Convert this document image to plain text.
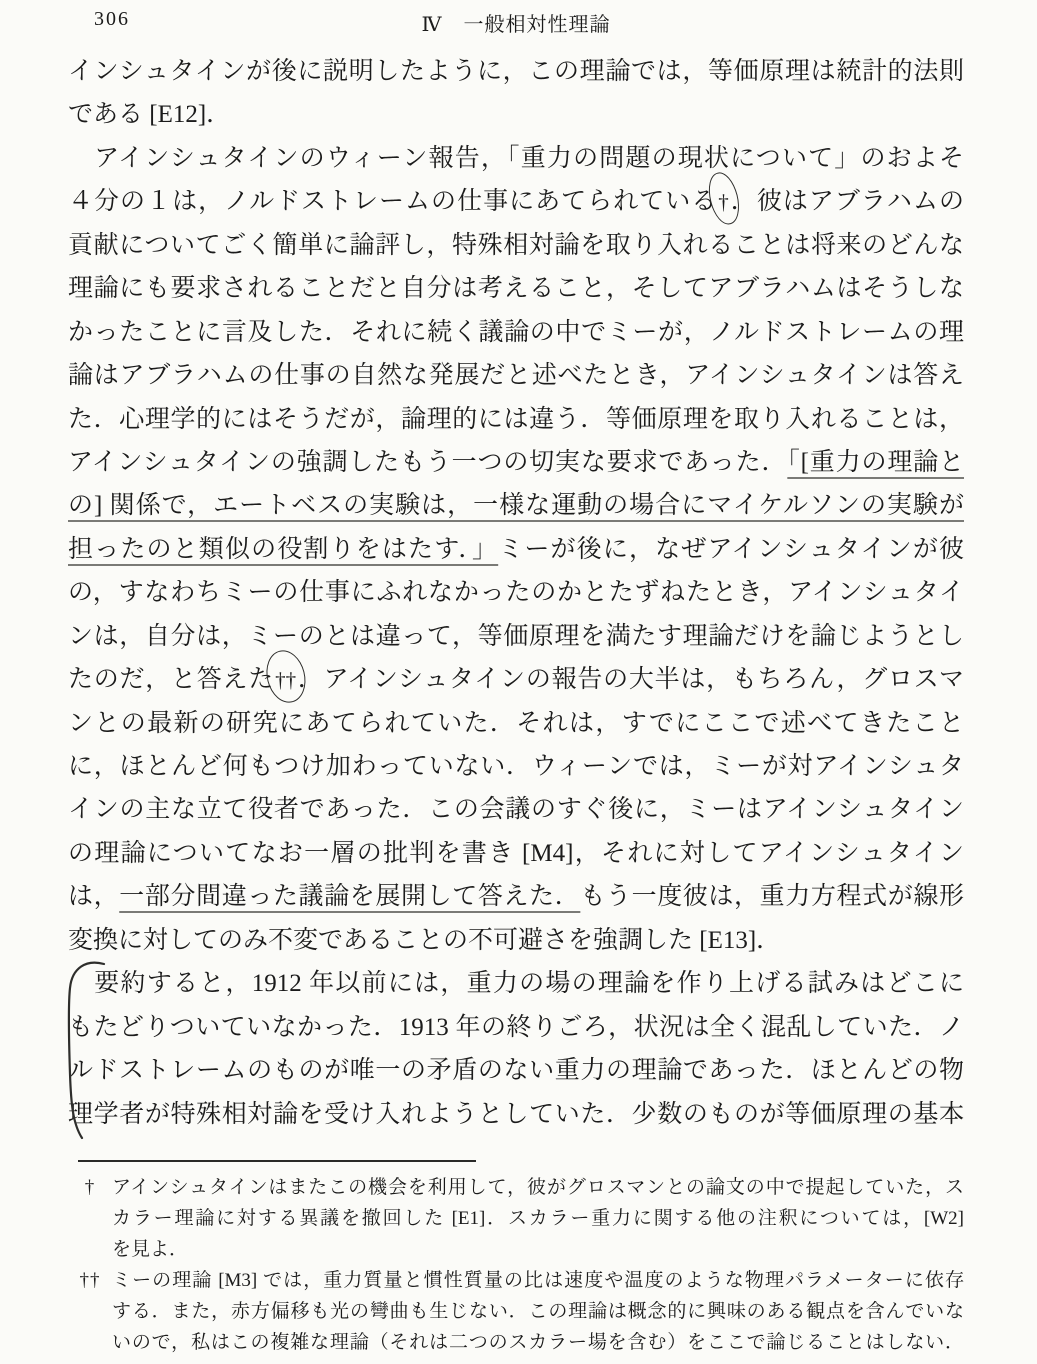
306	Ⅳ　一般相対性理論
インシュタインが後に説明したように，この理論では，等価原理は統計的法則
である [E12]．
　アインシュタインのウィーン報告，「重力の問題の現状について」のおよそ
４分の１は，ノルドストレームの仕事にあてられている†．彼はアブラハムの
貢献についてごく簡単に論評し，特殊相対論を取り入れることは将来のどんな
理論にも要求されることだと自分は考えること，そしてアブラハムはそうしな
かったことに言及した．それに続く議論の中でミーが，ノルドストレームの理
論はアブラハムの仕事の自然な発展だと述べたとき，アインシュタインは答え
た．心理学的にはそうだが，論理的には違う．等価原理を取り入れることは，
アインシュタインの強調したもう一つの切実な要求であった．「[重力の理論と
の] 関係で，エートベスの実験は，一様な運動の場合にマイケルソンの実験が
担ったのと類似の役割りをはたす．」ミーが後に，なぜアインシュタインが彼
の，すなわちミーの仕事にふれなかったのかとたずねたとき，アインシュタイ
ンは，自分は，ミーのとは違って，等価原理を満たす理論だけを論じようとし
たのだ，と答えた††．アインシュタインの報告の大半は，もちろん，グロスマ
ンとの最新の研究にあてられていた．それは，すでにここで述べてきたこと
に，ほとんど何もつけ加わっていない．ウィーンでは，ミーが対アインシュタ
インの主な立て役者であった．この会議のすぐ後に，ミーはアインシュタイン
の理論についてなお一層の批判を書き [M4]，それに対してアインシュタイン
は，一部分間違った議論を展開して答えた．もう一度彼は，重力方程式が線形
変換に対してのみ不変であることの不可避さを強調した [E13]．
　要約すると，1912 年以前には，重力の場の理論を作り上げる試みはどこに
もたどりついていなかった．1913 年の終りごろ，状況は全く混乱していた．ノ
ルドストレームのものが唯一の矛盾のない重力の理論であった．ほとんどの物
理学者が特殊相対論を受け入れようとしていた．少数のものが等価原理の基本
† アインシュタインはまたこの機会を利用して，彼がグロスマンとの論文の中で提起していた，ス
カラー理論に対する異議を撤回した [E1]．スカラー重力に関する他の注釈については，[W2]
を見よ．
†† ミーの理論 [M3] では，重力質量と慣性質量の比は速度や温度のような物理パラメーターに依存
する．また，赤方偏移も光の彎曲も生じない．この理論は概念的に興味のある観点を含んでいな
いので，私はこの複雑な理論（それは二つのスカラー場を含む）をここで論じることはしない．
